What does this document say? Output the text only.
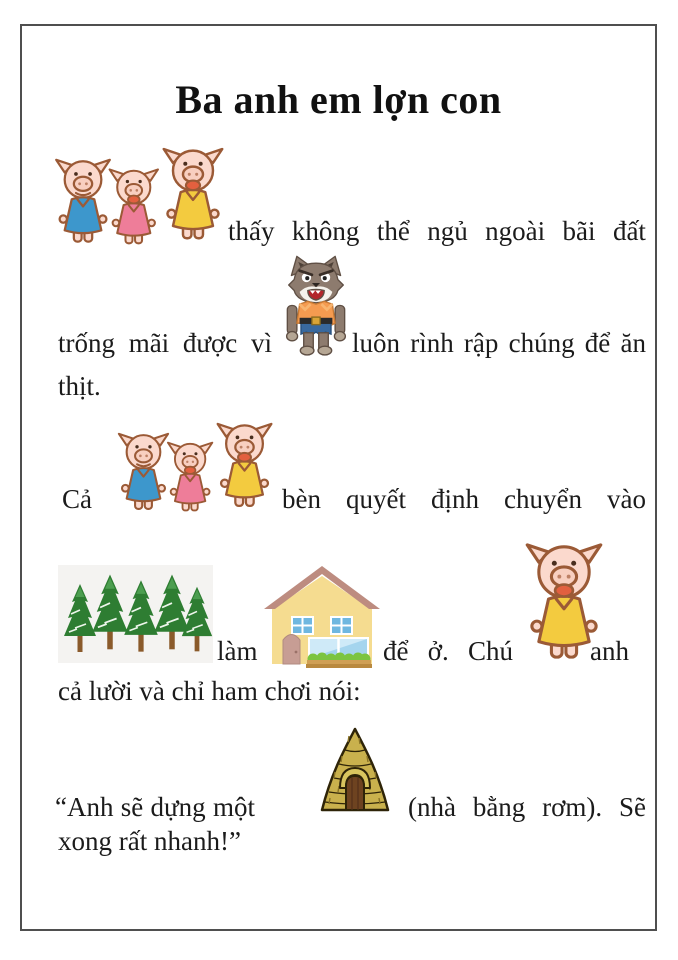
Ba anh em lợn con
thấy không thể ngủ ngoài bãi đất
trống mãi được vì	luôn rình rập chúng để ăn
thịt.
Cả	bèn quyết định chuyển vào
làm	để ở. Chú	anh
cả lười và chỉ ham chơi nói:
“Anh sẽ dựng một	(nhà bằng rơm). Sẽ
xong rất nhanh!”
